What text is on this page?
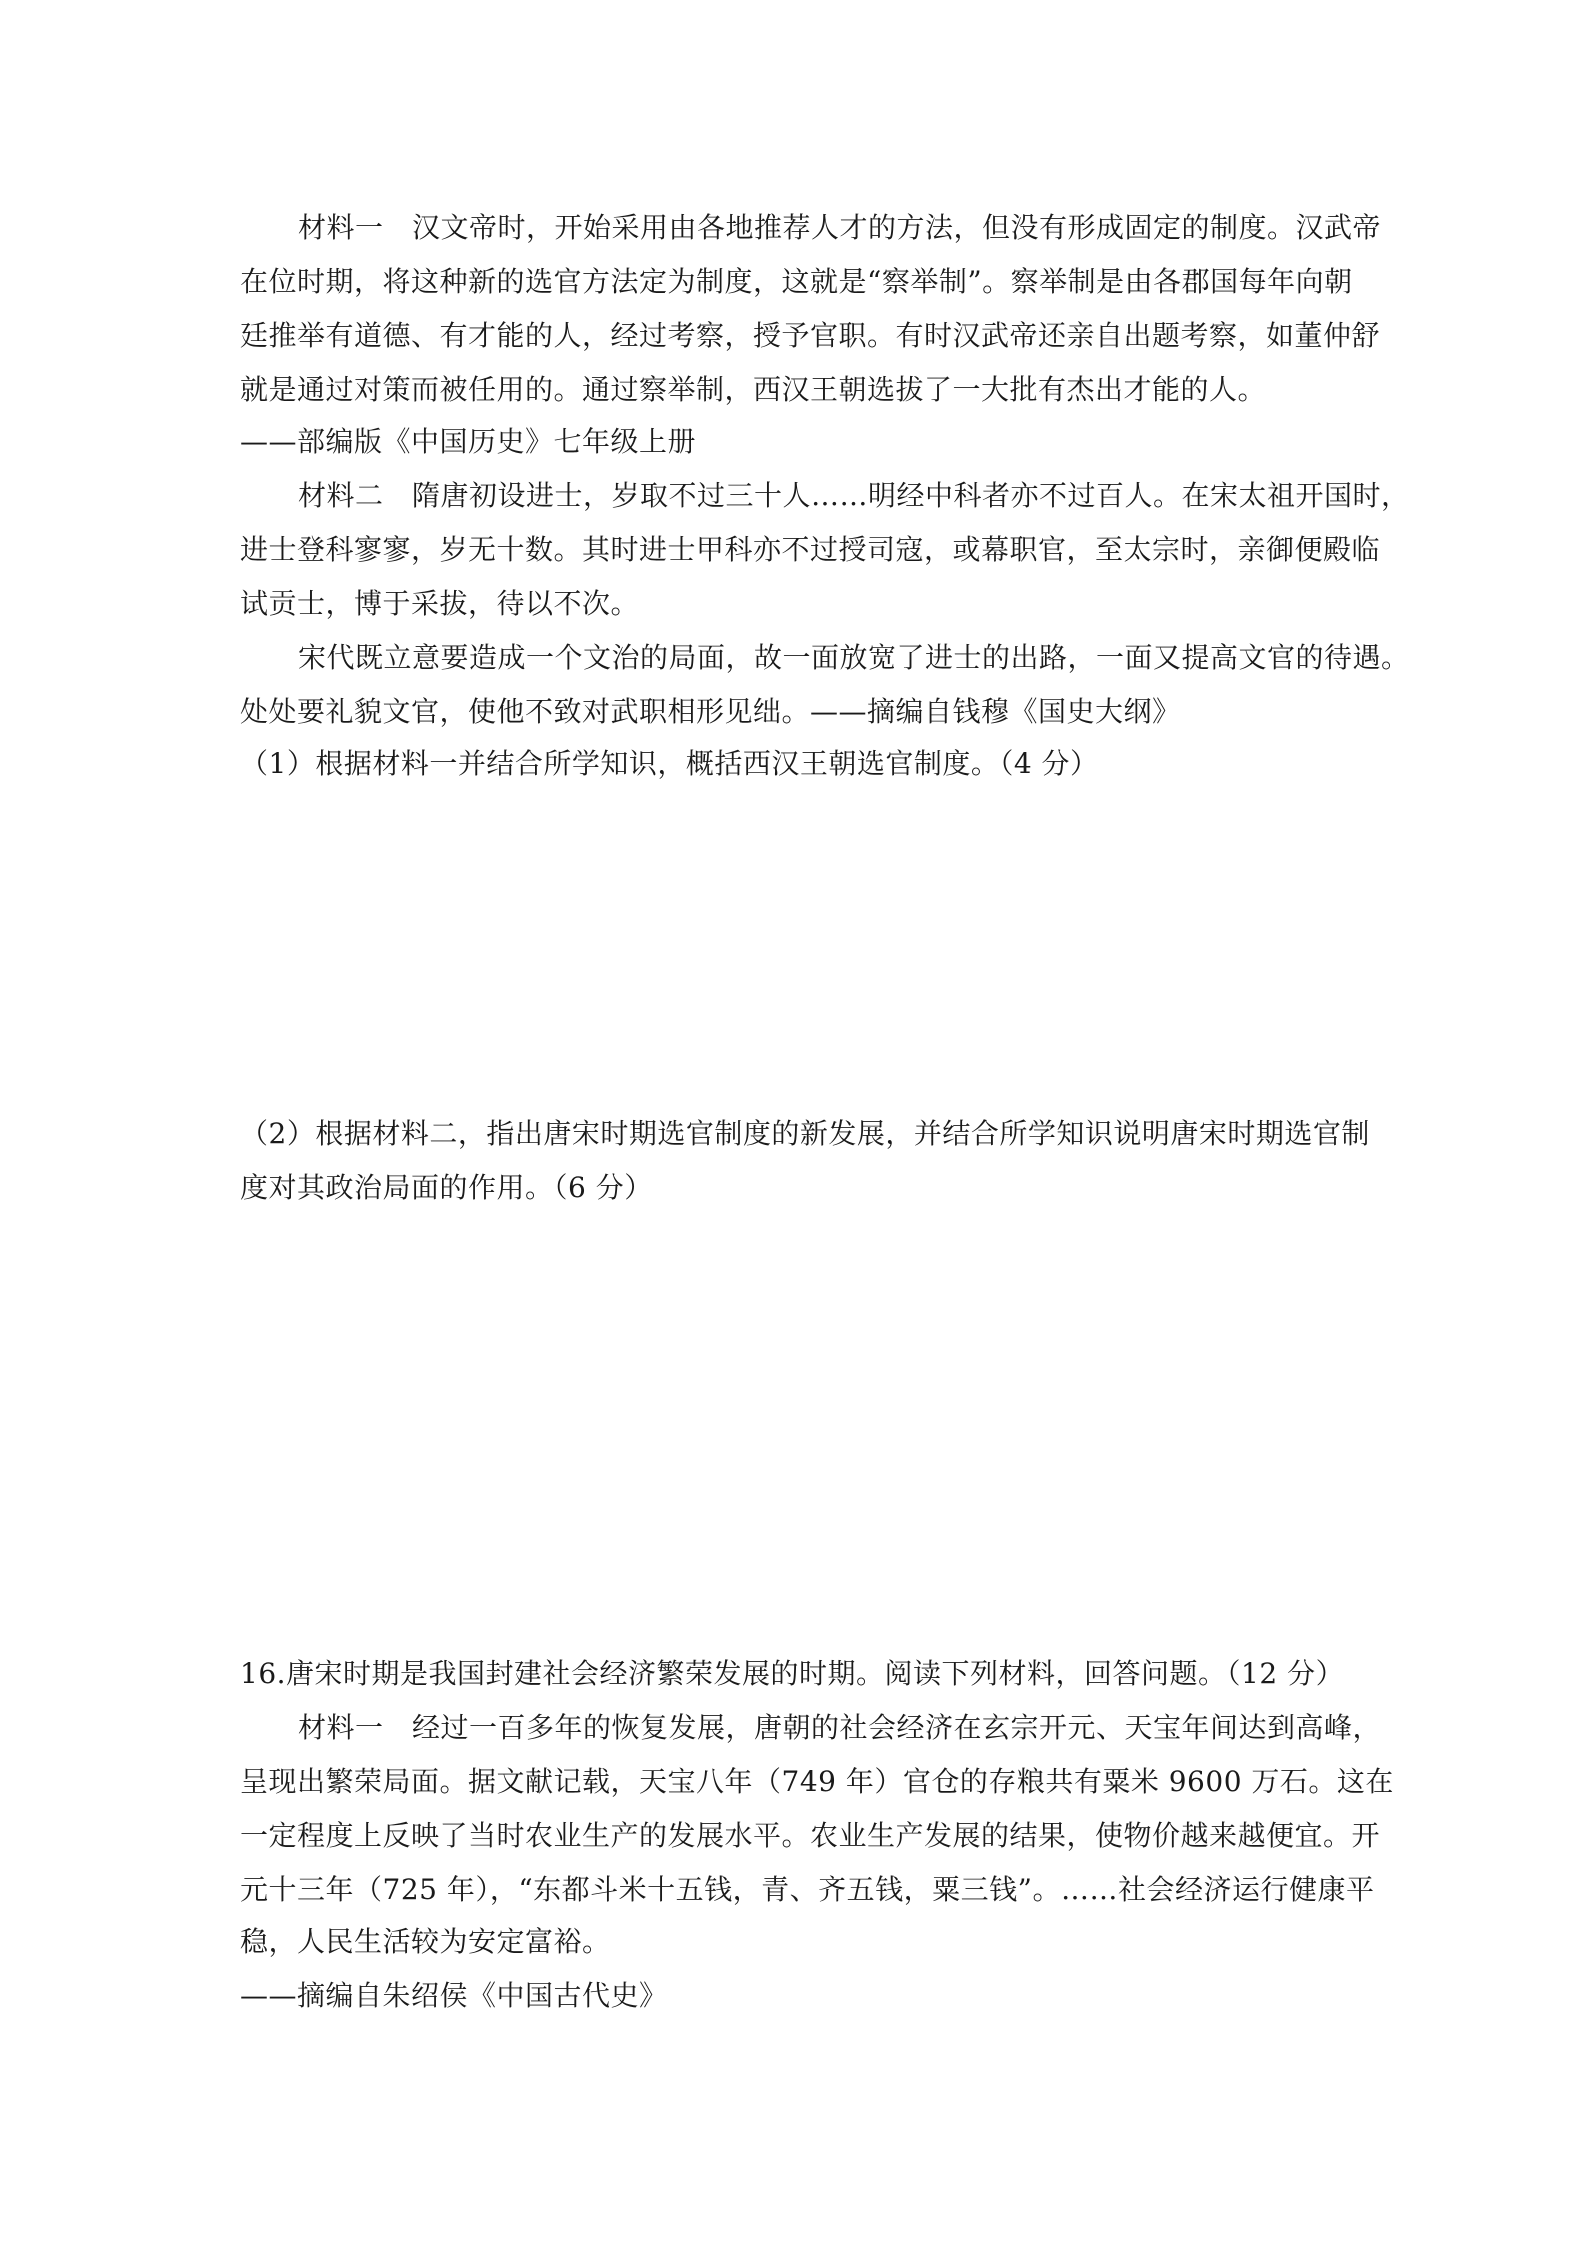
材料一　汉文帝时，开始采用由各地推荐人才的方法，但没有形成固定的制度。汉武帝
在位时期，将这种新的选官方法定为制度，这就是“察举制”。察举制是由各郡国每年向朝
廷推举有道德、有才能的人，经过考察，授予官职。有时汉武帝还亲自出题考察，如董仲舒
就是通过对策而被任用的。通过察举制，西汉王朝选拔了一大批有杰出才能的人。
——部编版《中国历史》七年级上册
材料二　隋唐初设进士，岁取不过三十人……明经中科者亦不过百人。在宋太祖开国时，
进士登科寥寥，岁无十数。其时进士甲科亦不过授司寇，或幕职官，至太宗时，亲御便殿临
试贡士，博于采拔，待以不次。
宋代既立意要造成一个文治的局面，故一面放宽了进士的出路，一面又提高文官的待遇。
处处要礼貌文官，使他不致对武职相形见绌。——摘编自钱穆《国史大纲》
（1）根据材料一并结合所学知识，概括西汉王朝选官制度。（4 分）
（2）根据材料二，指出唐宋时期选官制度的新发展，并结合所学知识说明唐宋时期选官制
度对其政治局面的作用。（6 分）
16.唐宋时期是我国封建社会经济繁荣发展的时期。阅读下列材料，回答问题。（12 分）
材料一　经过一百多年的恢复发展，唐朝的社会经济在玄宗开元、天宝年间达到高峰，
呈现出繁荣局面。据文献记载，天宝八年（749 年）官仓的存粮共有粟米 9600 万石。这在
一定程度上反映了当时农业生产的发展水平。农业生产发展的结果，使物价越来越便宜。开
元十三年（725 年），“东都斗米十五钱，青、齐五钱，粟三钱”。……社会经济运行健康平
稳，人民生活较为安定富裕。
——摘编自朱绍侯《中国古代史》
